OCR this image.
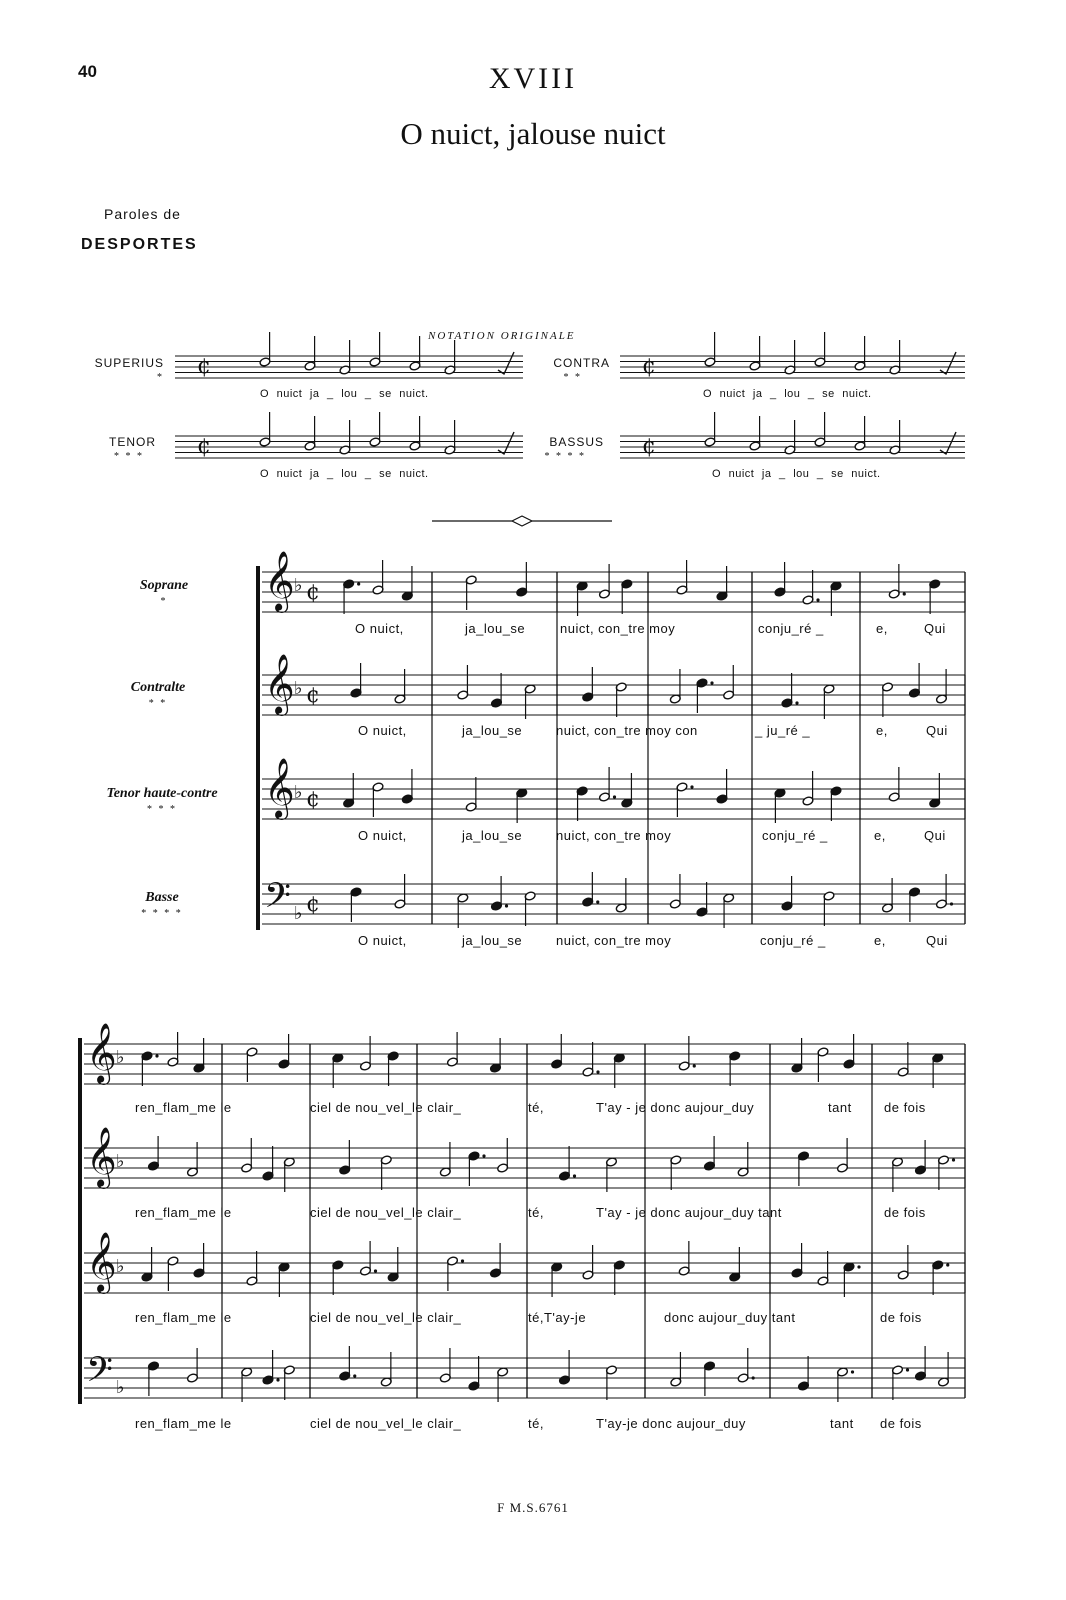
40	XVIII
O nuict, jalouse nuict
Paroles de
DESPORTES
NOTATION ORIGINALE
SUPERIUS
*
CONTRA
* *
TENOR
* * *
BASSUS
* * * *
O nuict ja _ lou _ se nuict.	O nuict ja _ lou _ se nuict.
O nuict ja _ lou _ se nuict.	O nuict ja _ lou _ se nuict.
Soprane
*
Contralte
* *
Tenor haute-contre
* * *
Basse
* * * *
O nuict,	ja_lou_se	nuict, con_tre moy	conju_ré _	e,	Qui
O nuict,	ja_lou_se	nuict, con_tre moy con	_ ju_ré _	e,	Qui
O nuict,	ja_lou_se	nuict, con_tre moy	conju_ré _	e,	Qui
O nuict,	ja_lou_se	nuict, con_tre moy	conju_ré _	e,	Qui
ren_flam_me le	ciel de nou_vel_le clair_	té,	T'ay - je donc aujour_duy	tant de fois
ren_flam_me le	ciel de nou_vel_le clair_	té,	T'ay - je donc aujour_duy tant	de fois
ren_flam_me le	ciel de nou_vel_le clair_	té,T'ay-je	donc aujour_duy tant	de fois
ren_flam_me le	ciel de nou_vel_le clair_	té,	T'ay-je donc aujour_duy	tant de fois
F M.S.6761
¢	¢
¢	¢
𝄞 ♭ ¢
𝄞 ♭ ¢
𝄞 ♭ ¢
𝄢 ♭ ¢
𝄞 ♭
𝄞 ♭
𝄞 ♭
𝄢 ♭
